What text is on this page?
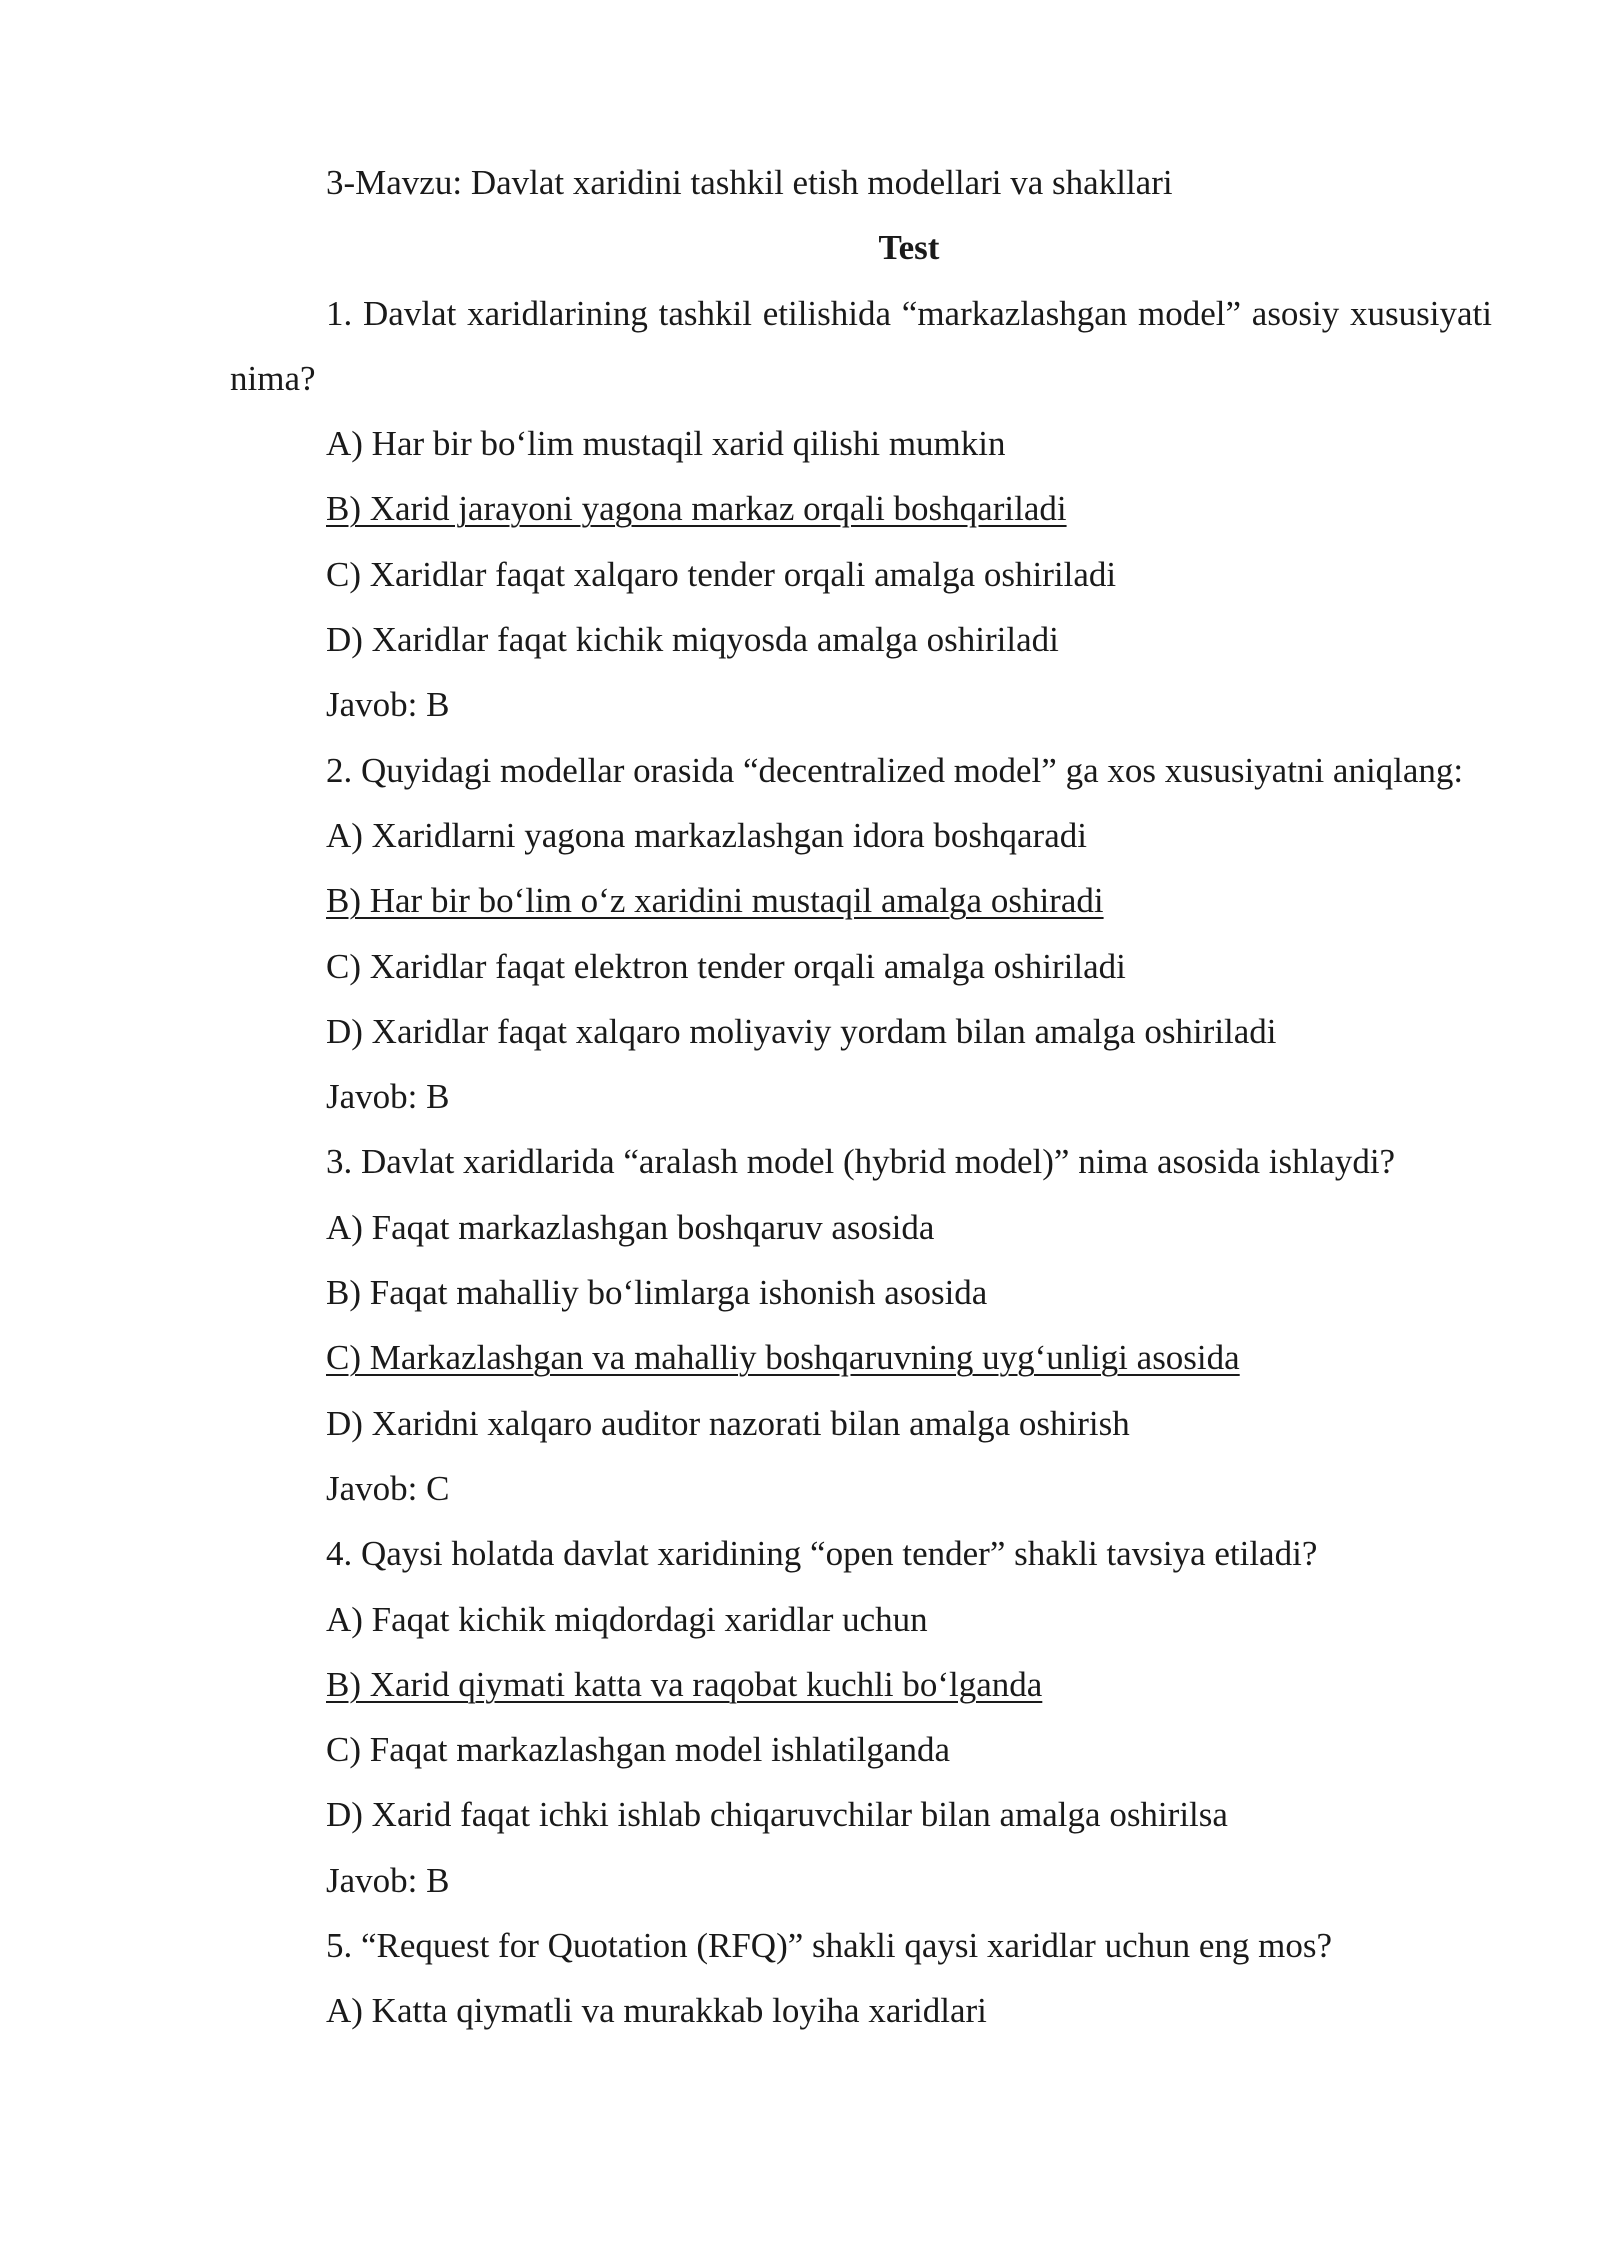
3-Mavzu: Davlat xaridini tashkil etish modellari va shakllari

Test

1. Davlat xaridlarining tashkil etilishida “markazlashgan model” asosiy xususiyati nima?

A) Har bir bo‘lim mustaqil xarid qilishi mumkin

B) Xarid jarayoni yagona markaz orqali boshqariladi

C) Xaridlar faqat xalqaro tender orqali amalga oshiriladi

D) Xaridlar faqat kichik miqyosda amalga oshiriladi

Javob: B

2. Quyidagi modellar orasida “decentralized model” ga xos xususiyatni aniqlang:

A) Xaridlarni yagona markazlashgan idora boshqaradi

B) Har bir bo‘lim o‘z xaridini mustaqil amalga oshiradi

C) Xaridlar faqat elektron tender orqali amalga oshiriladi

D) Xaridlar faqat xalqaro moliyaviy yordam bilan amalga oshiriladi

Javob: B

3. Davlat xaridlarida “aralash model (hybrid model)” nima asosida ishlaydi?

A) Faqat markazlashgan boshqaruv asosida

B) Faqat mahalliy bo‘limlarga ishonish asosida

C) Markazlashgan va mahalliy boshqaruvning uyg‘unligi asosida

D) Xaridni xalqaro auditor nazorati bilan amalga oshirish

Javob: C

4. Qaysi holatda davlat xaridining “open tender” shakli tavsiya etiladi?

A) Faqat kichik miqdordagi xaridlar uchun

B) Xarid qiymati katta va raqobat kuchli bo‘lganda

C) Faqat markazlashgan model ishlatilganda

D) Xarid faqat ichki ishlab chiqaruvchilar bilan amalga oshirilsa

Javob: B

5. “Request for Quotation (RFQ)” shakli qaysi xaridlar uchun eng mos?

A) Katta qiymatli va murakkab loyiha xaridlari
